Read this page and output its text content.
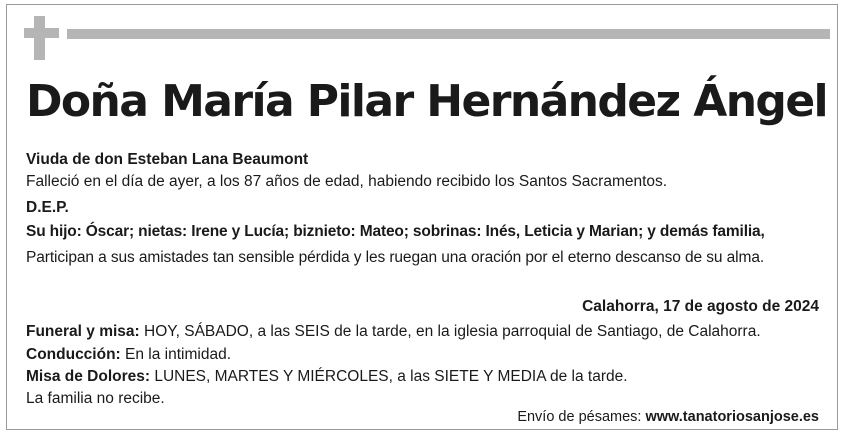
Doña María Pilar Hernández Ángel
Viuda de don Esteban Lana Beaumont
Falleció en el día de ayer, a los 87 años de edad, habiendo recibido los Santos Sacramentos.
D.E.P.
Su hijo: Óscar; nietas: Irene y Lucía; biznieto: Mateo; sobrinas: Inés, Leticia y Marian; y demás familia,
Participan a sus amistades tan sensible pérdida y les ruegan una oración por el eterno descanso de su alma.
Calahorra, 17 de agosto de 2024
Funeral y misa: HOY, SÁBADO, a las SEIS de la tarde, en la iglesia parroquial de Santiago, de Calahorra.
Conducción: En la intimidad.
Misa de Dolores: LUNES, MARTES Y MIÉRCOLES, a las SIETE Y MEDIA de la tarde.
La familia no recibe.
Envío de pésames: www.tanatoriosanjose.es
